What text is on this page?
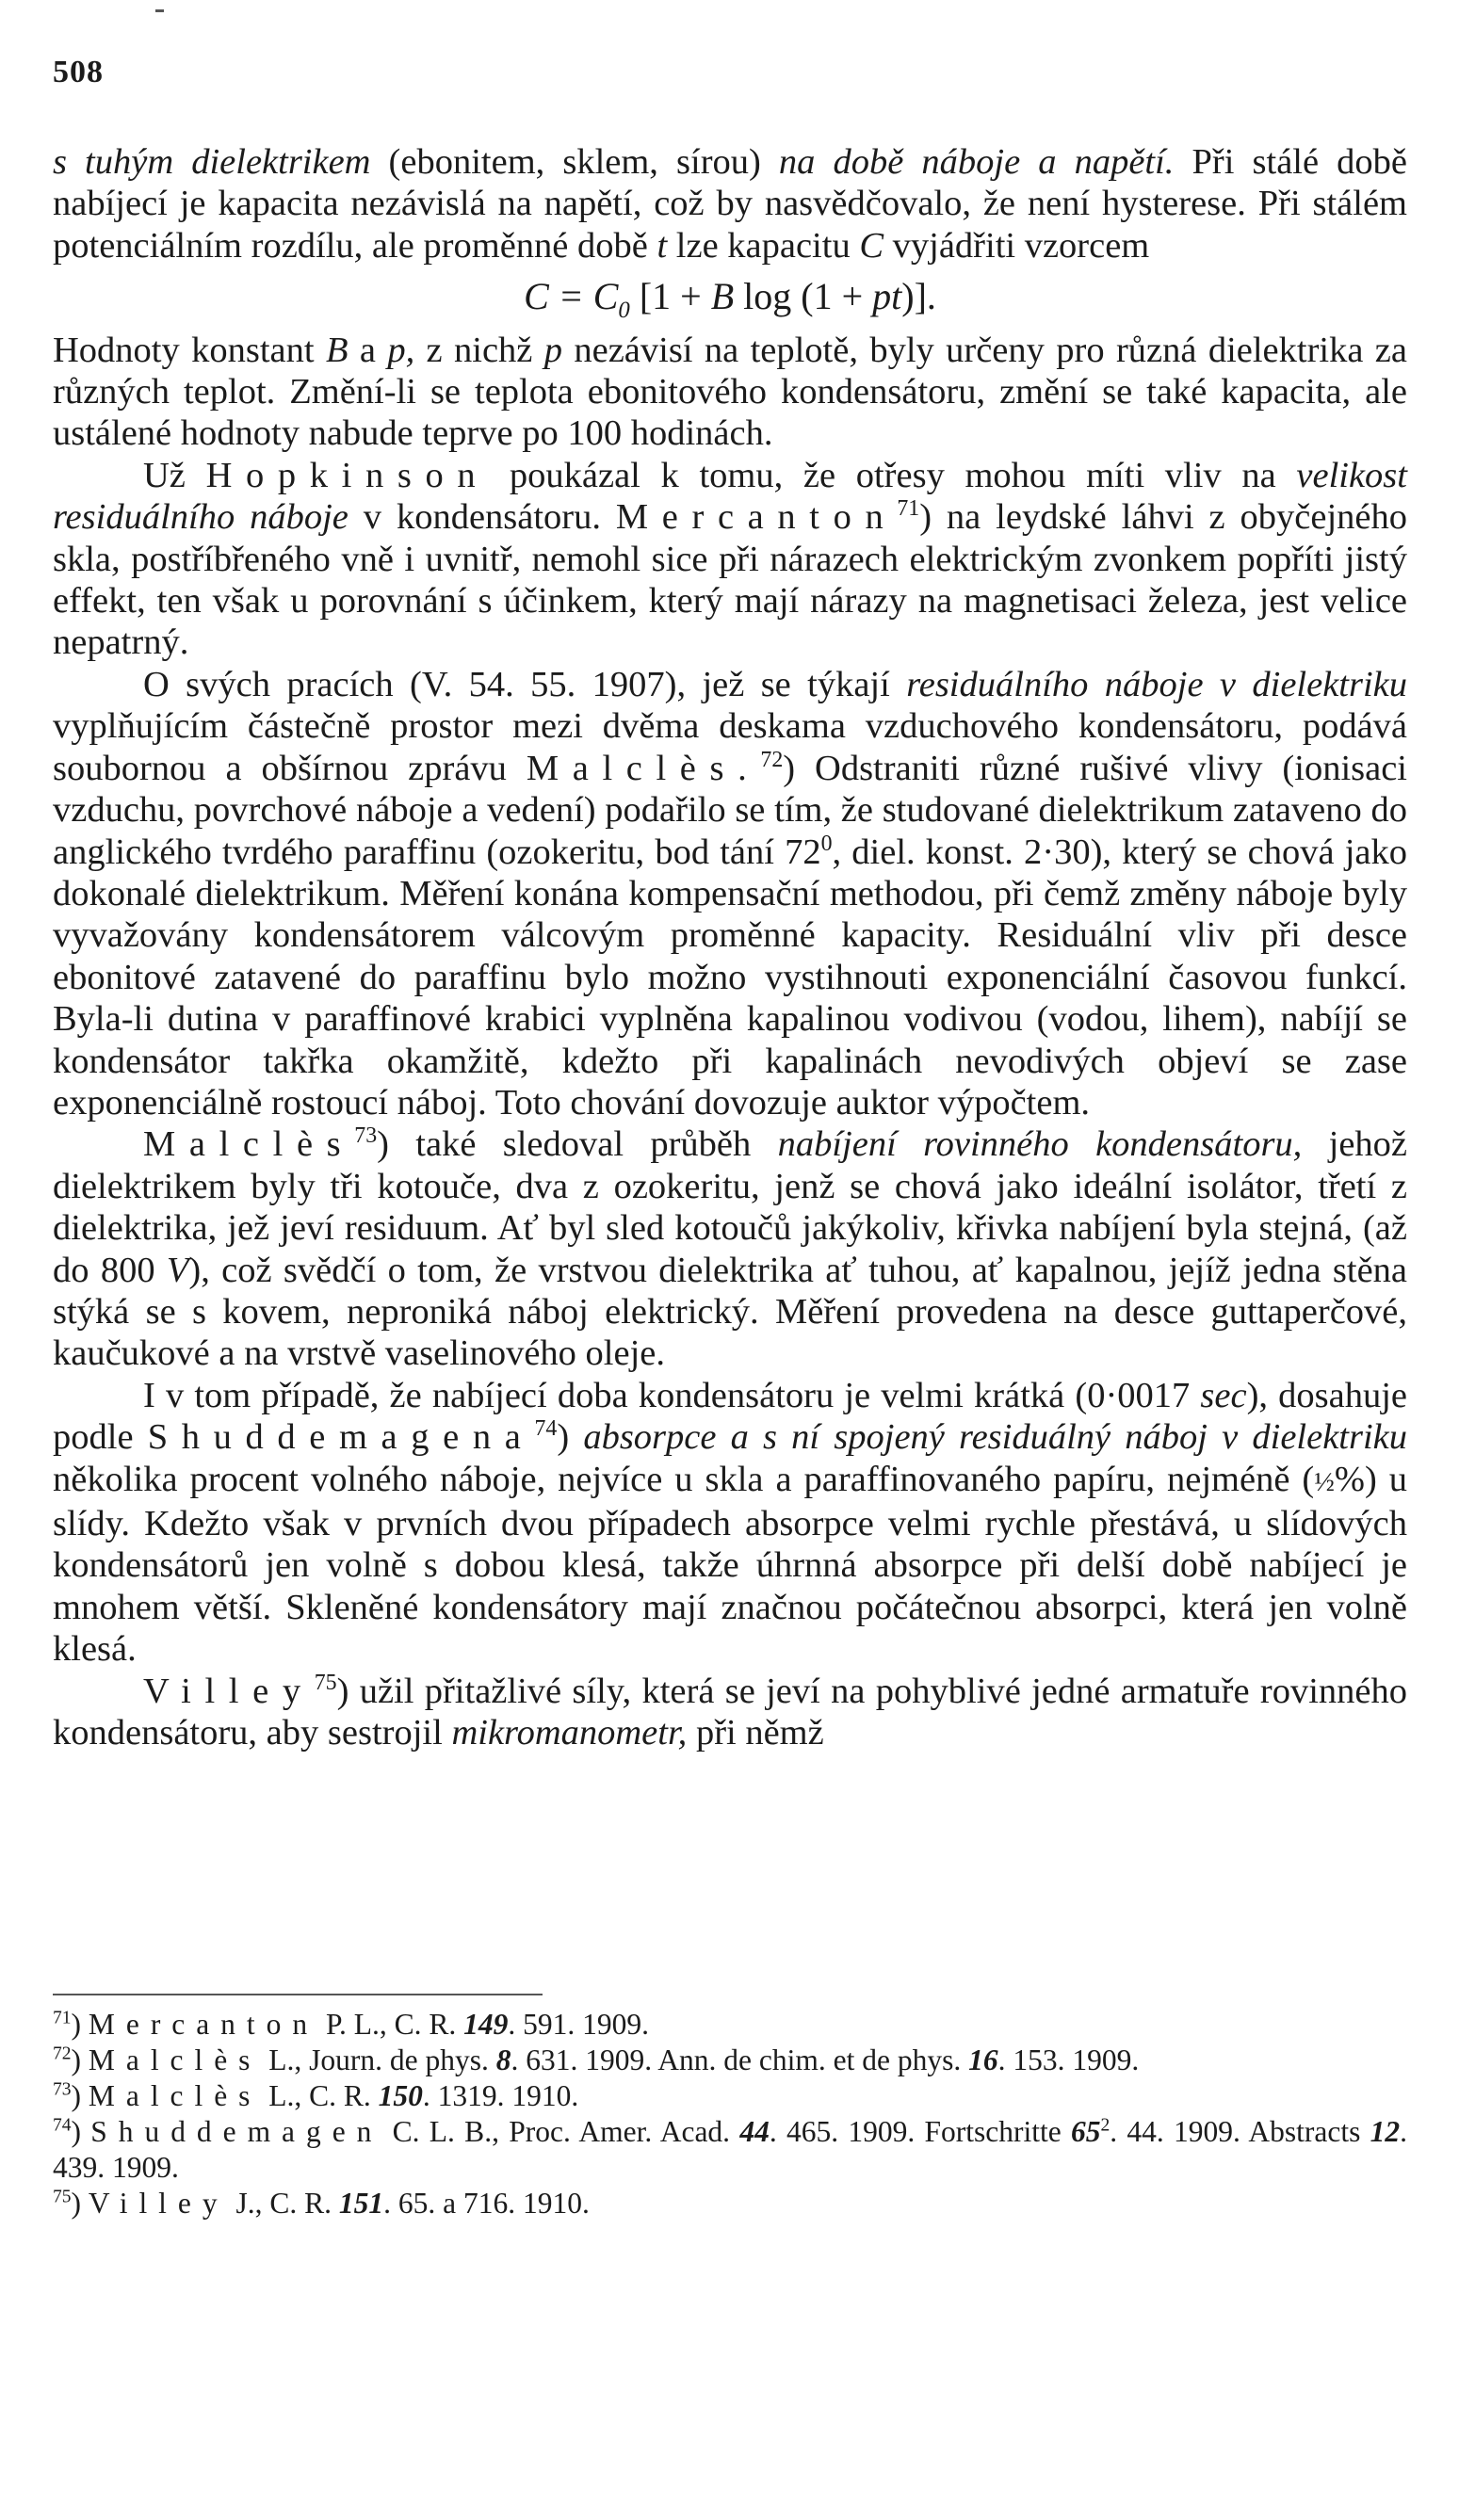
508

s tuhým dielektrikem (ebonitem, sklem, sírou) na době náboje a napětí. Při stálé době nabíjecí je kapacita nezávislá na napětí, což by nasvědčovalo, že není hysterese. Při stálém potenciálním rozdílu, ale proměnné době t lze kapacitu C vyjádřiti vzorcem

$C = C_0$ [1 + B log (1 + pt)].

Hodnoty konstant B a p, z nichž p nezávisí na teplotě, byly určeny pro různá dielektrika za různých teplot. Změní-li se teplota ebonitového kondensátoru, změní se také kapacita, ale ustálené hodnoty nabude teprve po 100 hodinách.

Už Hopkinson poukázal k tomu, že otřesy mohou míti vliv na velikost residuálního náboje v kondensátoru. Mercanton$^{71}$) na leydské láhvi z obyčejného skla, postříbřeného vně i uvnitř, nemohl sice při nárazech elektrickým zvonkem popříti jistý effekt, ten však u porovnání s účinkem, který mají nárazy na magnetisaci železa, jest velice nepatrný.

O svých pracích (V. 54. 55. 1907), jež se týkají residuálního náboje v dielektriku vyplňujícím částečně prostor mezi dvěma deskama vzduchového kondensátoru, podává soubornou a obšírnou zprávu Malclès.$^{72}$) Odstraniti různé rušivé vlivy (ionisaci vzduchu, povrchové náboje a vedení) podařilo se tím, že studované dielektrikum zataveno do anglického tvrdého paraffinu (ozokeritu, bod tání $72^0$, diel. konst. 2·30), který se chová jako dokonalé dielektrikum. Měření konána kompensační methodou, při čemž změny náboje byly vyvažovány kondensátorem válcovým proměnné kapacity. Residuální vliv při desce ebonitové zatavené do paraffinu bylo možno vystihnouti exponenciální časovou funkcí. Byla-li dutina v paraffinové krabici vyplněna kapalinou vodivou (vodou, lihem), nabíjí se kondensátor takřka okamžitě, kdežto při kapalinách nevodivých objeví se zase exponenciálně rostoucí náboj. Toto chování dovozuje auktor výpočtem.

Malclès$^{73}$) také sledoval průběh nabíjení rovinného kondensátoru, jehož dielektrikem byly tři kotouče, dva z ozokeritu, jenž se chová jako ideální isolátor, třetí z dielektrika, jež jeví residuum. Ať byl sled kotoučů jakýkoliv, křivka nabíjení byla stejná, (až do 800 V), což svědčí o tom, že vrstvou dielektrika ať tuhou, ať kapalnou, jejíž jedna stěna stýká se s kovem, neproniká náboj elektrický. Měření provedena na desce guttaperčové, kaučukové a na vrstvě vaselinového oleje.

I v tom případě, že nabíjecí doba kondensátoru je velmi krátká (0·0017 sec), dosahuje podle Shuddemagena$^{74}$) absorpce a s ní spojený residuálný náboj v dielektriku několika procent volného náboje, nejvíce u skla a paraffinovaného papíru, nejméně (½%) u slídy. Kdežto však v prvních dvou případech absorpce velmi rychle přestává, u slídových kondensátorů jen volně s dobou klesá, takže úhrnná absorpce při delší době nabíjecí je mnohem větší. Skleněné kondensátory mají značnou počátečnou absorpci, která jen volně klesá.

Villey$^{75}$) užil přitažlivé síly, která se jeví na pohyblivé jedné armatuře rovinného kondensátoru, aby sestrojil mikromanometr, při němž

$^{71}$) Mercanton P. L., C. R. 149. 591. 1909.

$^{72}$) Malclès L., Journ. de phys. 8. 631. 1909. Ann. de chim. et de phys. 16. 153. 1909.

$^{73}$) Malclès L., C. R. 150. 1319. 1910.

$^{74}$) Shuddemagen C. L. B., Proc. Amer. Acad. 44. 465. 1909. Fortschritte $65^2$. 44. 1909. Abstracts 12. 439. 1909.

$^{75}$) Villey J., C. R. 151. 65. a 716. 1910.
